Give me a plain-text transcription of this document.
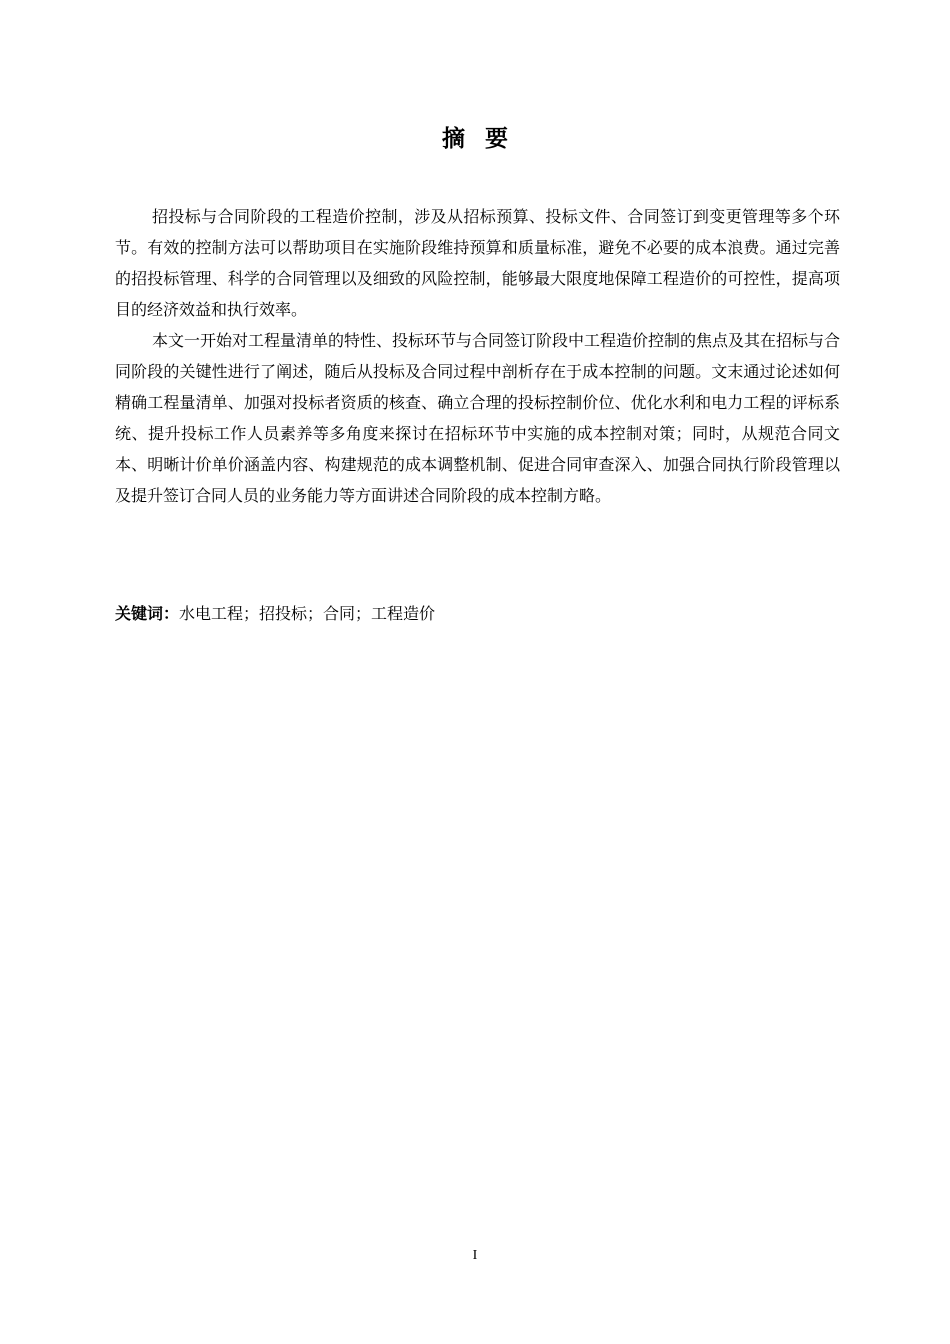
摘要

招投标与合同阶段的工程造价控制，涉及从招标预算、投标文件、合同签订到变更管理等多个环节。有效的控制方法可以帮助项目在实施阶段维持预算和质量标准，避免不必要的成本浪费。通过完善的招投标管理、科学的合同管理以及细致的风险控制，能够最大限度地保障工程造价的可控性，提高项目的经济效益和执行效率。

本文一开始对工程量清单的特性、投标环节与合同签订阶段中工程造价控制的焦点及其在招标与合同阶段的关键性进行了阐述，随后从投标及合同过程中剖析存在于成本控制的问题。文末通过论述如何精确工程量清单、加强对投标者资质的核查、确立合理的投标控制价位、优化水利和电力工程的评标系统、提升投标工作人员素养等多角度来探讨在招标环节中实施的成本控制对策；同时，从规范合同文本、明晰计价单价涵盖内容、构建规范的成本调整机制、促进合同审查深入、加强合同执行阶段管理以及提升签订合同人员的业务能力等方面讲述合同阶段的成本控制方略。

关键词：水电工程；招投标；合同；工程造价
I
